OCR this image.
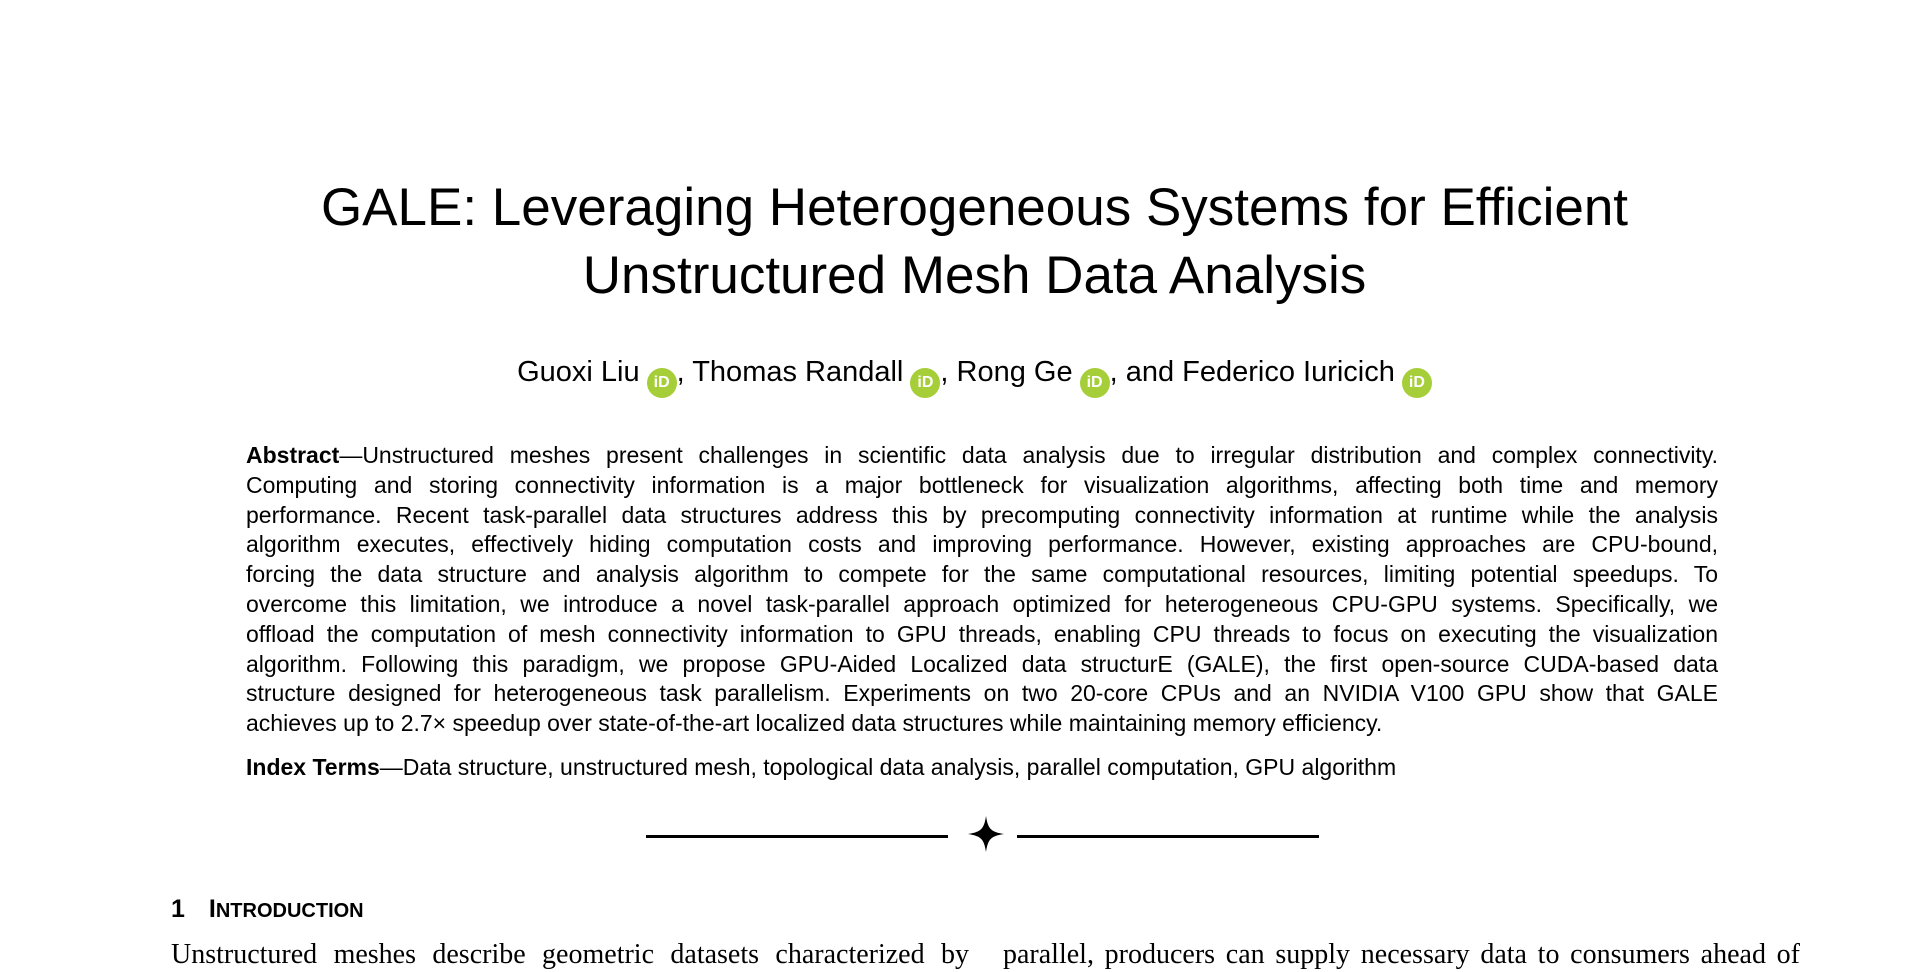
GALE: Leveraging Heterogeneous Systems for Efficient
Unstructured Mesh Data Analysis
Guoxi Liu iD , Thomas Randall iD , Rong Ge iD , and Federico Iuricich iD
Abstract—Unstructured meshes present challenges in scientific data analysis due to irregular distribution and complex connectivity.
Computing and storing connectivity information is a major bottleneck for visualization algorithms, affecting both time and memory
performance. Recent task-parallel data structures address this by precomputing connectivity information at runtime while the analysis
algorithm executes, effectively hiding computation costs and improving performance. However, existing approaches are CPU-bound,
forcing the data structure and analysis algorithm to compete for the same computational resources, limiting potential speedups. To
overcome this limitation, we introduce a novel task-parallel approach optimized for heterogeneous CPU-GPU systems. Specifically, we
offload the computation of mesh connectivity information to GPU threads, enabling CPU threads to focus on executing the visualization
algorithm. Following this paradigm, we propose GPU-Aided Localized data structurE (GALE), the first open-source CUDA-based data
structure designed for heterogeneous task parallelism. Experiments on two 20-core CPUs and an NVIDIA V100 GPU show that GALE
achieves up to 2.7× speedup over state-of-the-art localized data structures while maintaining memory efficiency.
Index Terms—Data structure, unstructured mesh, topological data analysis, parallel computation, GPU algorithm
1 INTRODUCTION
Unstructured meshes describe geometric datasets characterized by parallel, producers can supply necessary data to consumers ahead of
